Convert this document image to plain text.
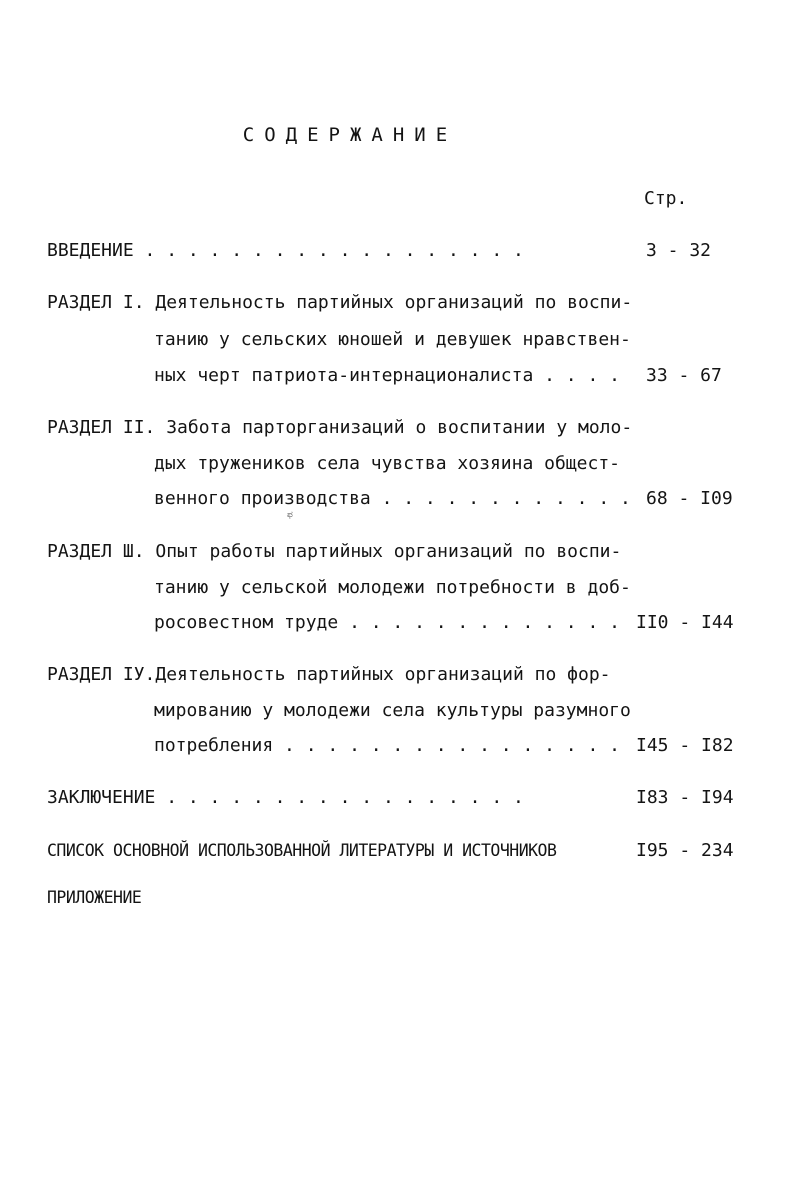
СОДЕРЖАНИЕ
Стр.
ВВЕДЕНИЕ . . . . . . . . . . . . . . . . . .	3 - 32
РАЗДЕЛ I. Деятельность партийных организаций по воспи-
танию у сельских юношей и девушек нравствен-
ных черт патриота-интернационалиста . . . . 33 - 67
РАЗДЕЛ II. Забота парторганизаций о воспитании у моло-
дых тружеников села чувства хозяина общест-
венного производства . . . . . . . . . . . . 68 - I09
ಫ
РАЗДЕЛ Ш. Опыт работы партийных организаций по воспи-
танию у сельской молодежи потребности в доб-
росовестном труде . . . . . . . . . . . . . II0 - I44
РАЗДЕЛ IУ.Деятельность партийных организаций по фор-
мированию у молодежи села культуры разумного
потребления . . . . . . . . . . . . . . . . I45 - I82
ЗАКЛЮЧЕНИЕ . . . . . . . . . . . . . . . . .	I83 - I94
СПИСОК ОСНОВНОЙ ИСПОЛЬЗОВАННОЙ ЛИТЕРАТУРЫ И ИСТОЧНИКОВ	I95 - 234
ПРИЛОЖЕНИЕ
